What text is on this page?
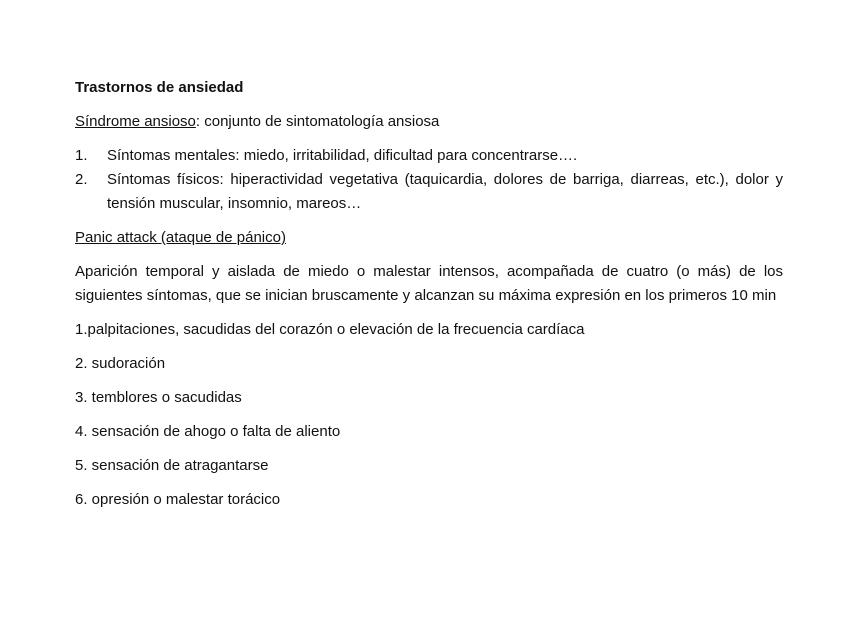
Trastornos de ansiedad
Síndrome ansioso: conjunto de sintomatología ansiosa
1. Síntomas mentales: miedo, irritabilidad, dificultad para concentrarse….
2. Síntomas físicos: hiperactividad vegetativa (taquicardia, dolores de barriga, diarreas, etc.), dolor y tensión muscular, insomnio, mareos…
Panic attack (ataque de pánico)
Aparición temporal y aislada de miedo o malestar intensos, acompañada de cuatro (o más) de los siguientes síntomas, que se inician bruscamente y alcanzan su máxima expresión en los primeros 10 min
1.palpitaciones, sacudidas del corazón o elevación de la frecuencia cardíaca
2. sudoración
3. temblores o sacudidas
4. sensación de ahogo o falta de aliento
5. sensación de atragantarse
6. opresión o malestar torácico
